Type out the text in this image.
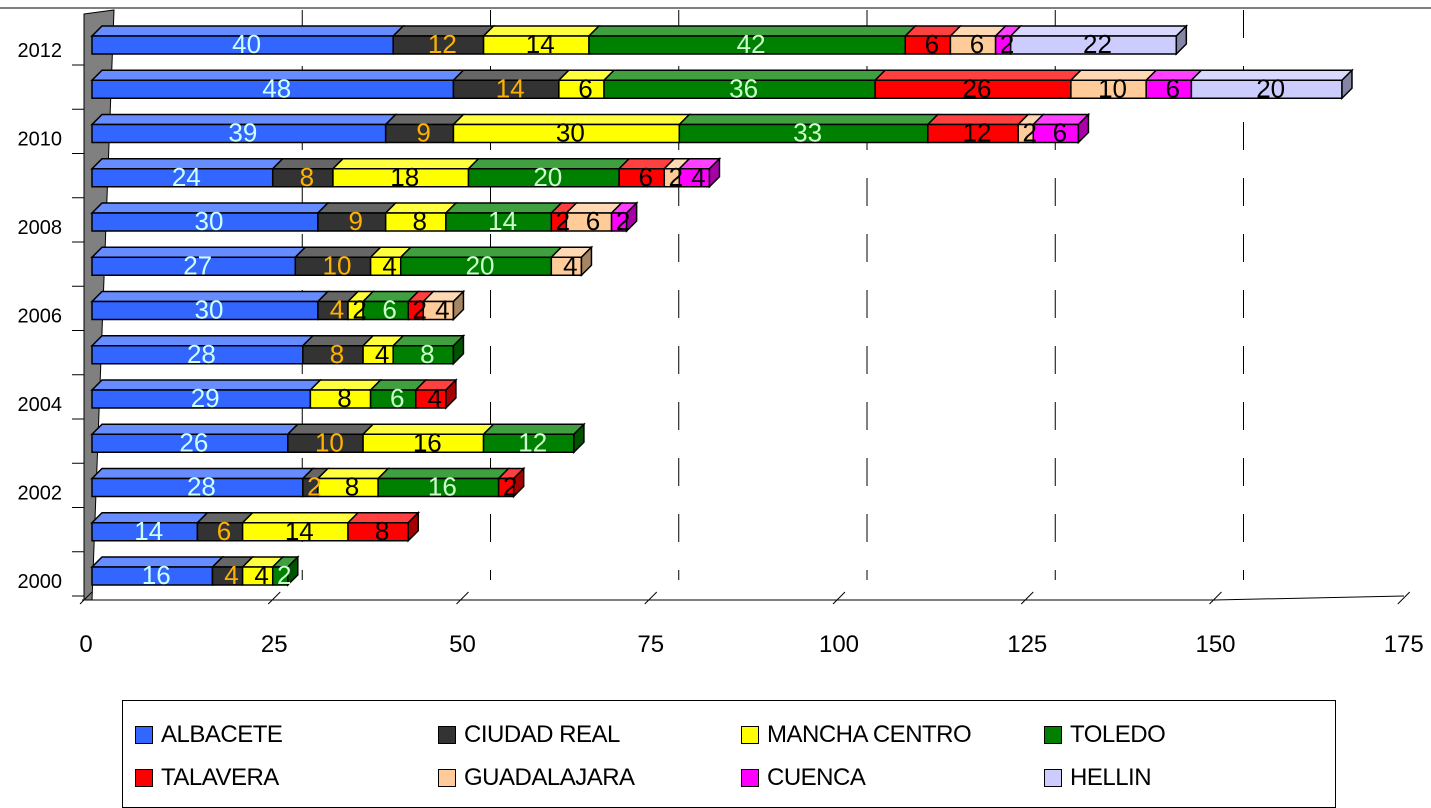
0	25	50	75	100	125	150	175
2012
2010
2008
2006
2004
2002
2000
40	12	14	42	6 6 2	22
48	14 6	36	26	10 6	20
39	9	30	33	12 2 6
24	8	18	20	6 2 4
30	9 8 14 2 6 2
27	10 4	20	4
30	4 2 6 2 4
28	8 4 8
29	8 6 4
26	10	16	12
28	2 8	16 2
14 6 14 8
16 4 4 2
ALBACETE	CIUDAD REAL	MANCHA CENTRO	TOLEDO
TALAVERA	GUADALAJARA	CUENCA	HELLIN
